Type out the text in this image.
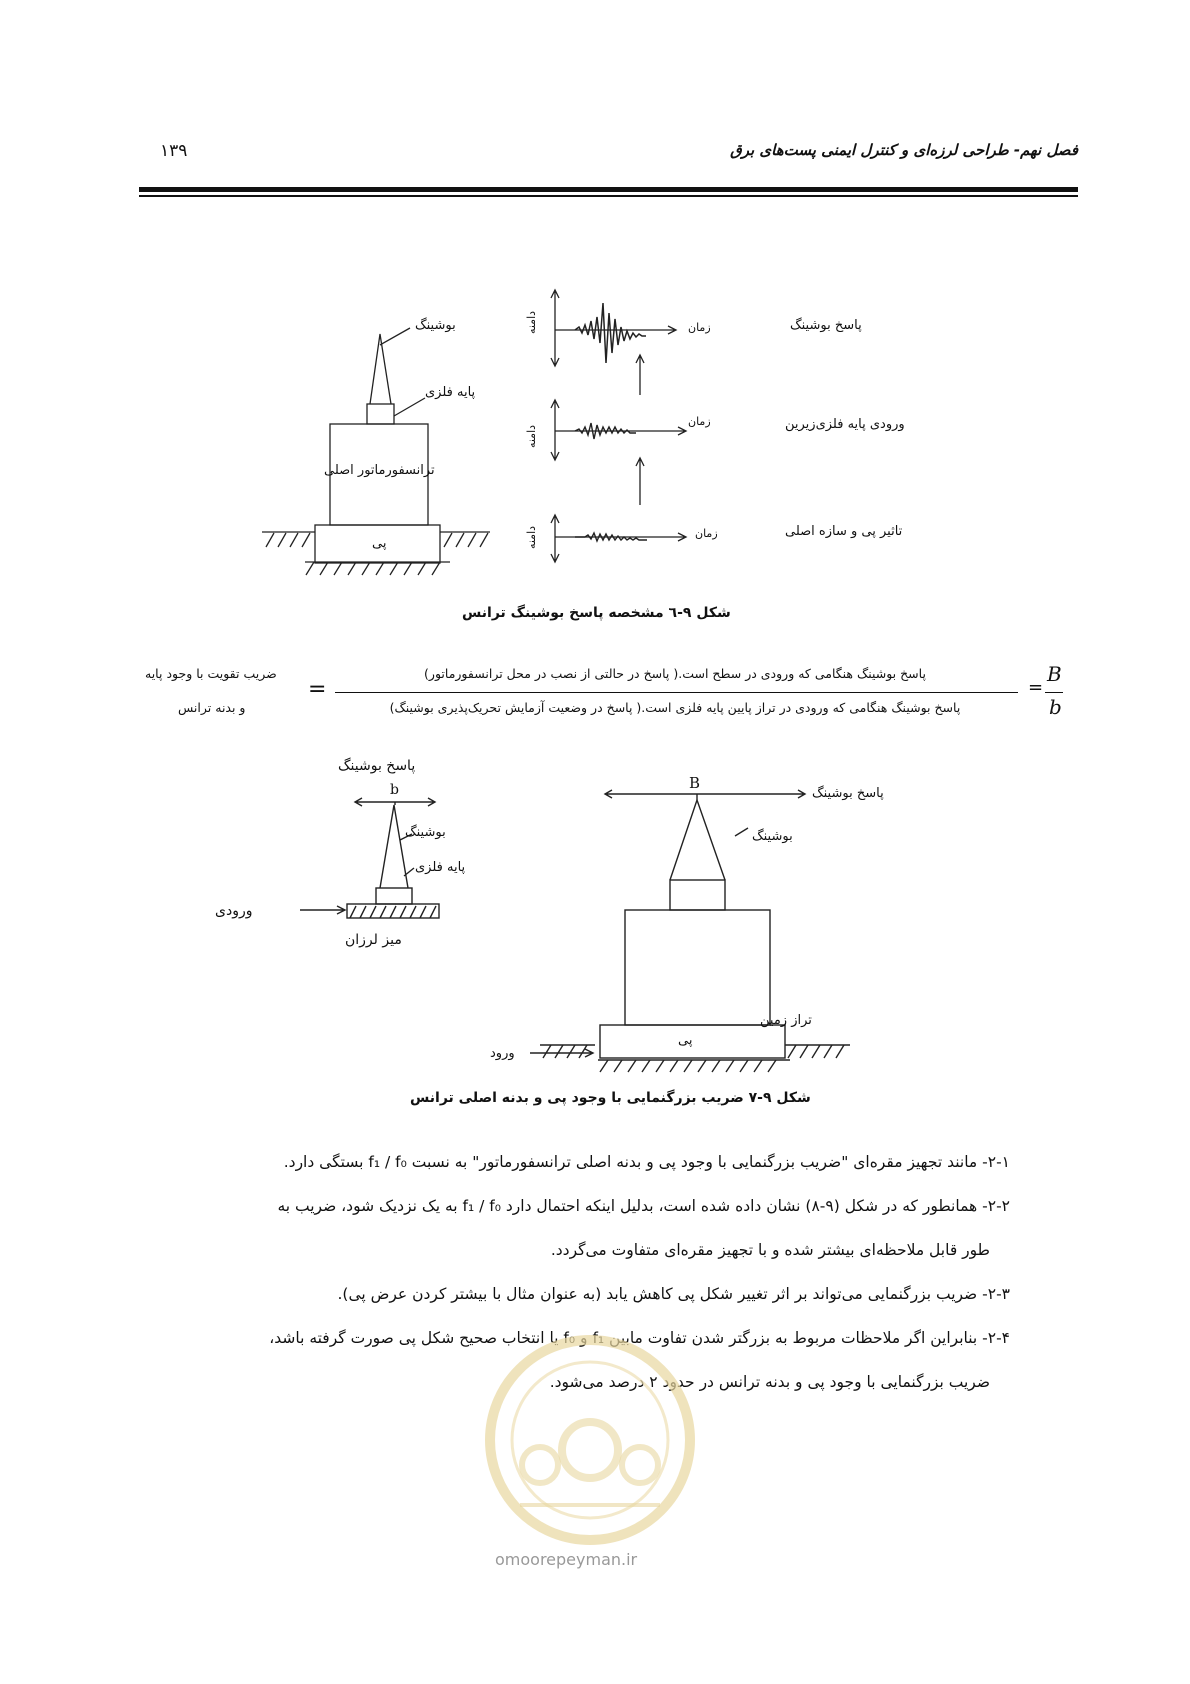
فصل نهم- طراحی لرزه‌ای و کنترل ایمنی پست‌های برق
۱۳۹
بوشینگ
پایه فلزی
ترانسفورماتور اصلی
پی
دامنه
دامنه
دامنه
زمان
زمان
زمان
پاسخ بوشینگ
ورودی پایه فلزی‌زیرین
تاثیر پی و سازه اصلی
شکل ۹-٦ مشخصه پاسخ بوشینگ ترانس
پاسخ بوشینگ هنگامی که ورودی در سطح است.( پاسخ در حالتی از نصب در محل ترانسفورماتور)
پاسخ بوشینگ هنگامی که ورودی در تراز پایین پایه فلزی است.( پاسخ در وضعیت آزمایش تحریک‌پذیری بوشینگ)
=	=
B
b
ضریب تقویت با وجود پایه
و بدنه ترانس
پاسخ بوشینگ
b
بوشینگ
پایه فلزی
ورودی
میز لرزان
B
پاسخ بوشینگ
بوشینگ
تراز زمین
پی
ورود
شکل ۹-۷ ضریب بزرگنمایی با وجود پی و بدنه اصلی ترانس

۲-۱- مانند تجهیز مقره‌ای "ضریب بزرگنمایی با وجود پی و بدنه اصلی ترانسفورماتور" به نسبت f₁ / f₀ بستگی دارد.

۲-۲- همانطور که در شکل (۹-۸) نشان داده شده است، بدلیل اینکه احتمال دارد f₁ / f₀ به یک نزدیک شود، ضریب به

طور قابل ملاحظه‌ای بیشتر شده و با تجهیز مقره‌ای متفاوت می‌گردد.

۲-۳- ضریب بزرگنمایی می‌تواند بر اثر تغییر شکل پی کاهش یابد (به عنوان مثال با بیشتر کردن عرض پی).

۲-۴- بنابراین اگر ملاحظات مربوط به بزرگتر شدن تفاوت مابین f₁ و f₀ یا انتخاب صحیح شکل پی صورت گرفته باشد،

ضریب بزرگنمایی با وجود پی و بدنه ترانس در حدود ۲ درصد می‌شود.

omoorepeyman.ir
